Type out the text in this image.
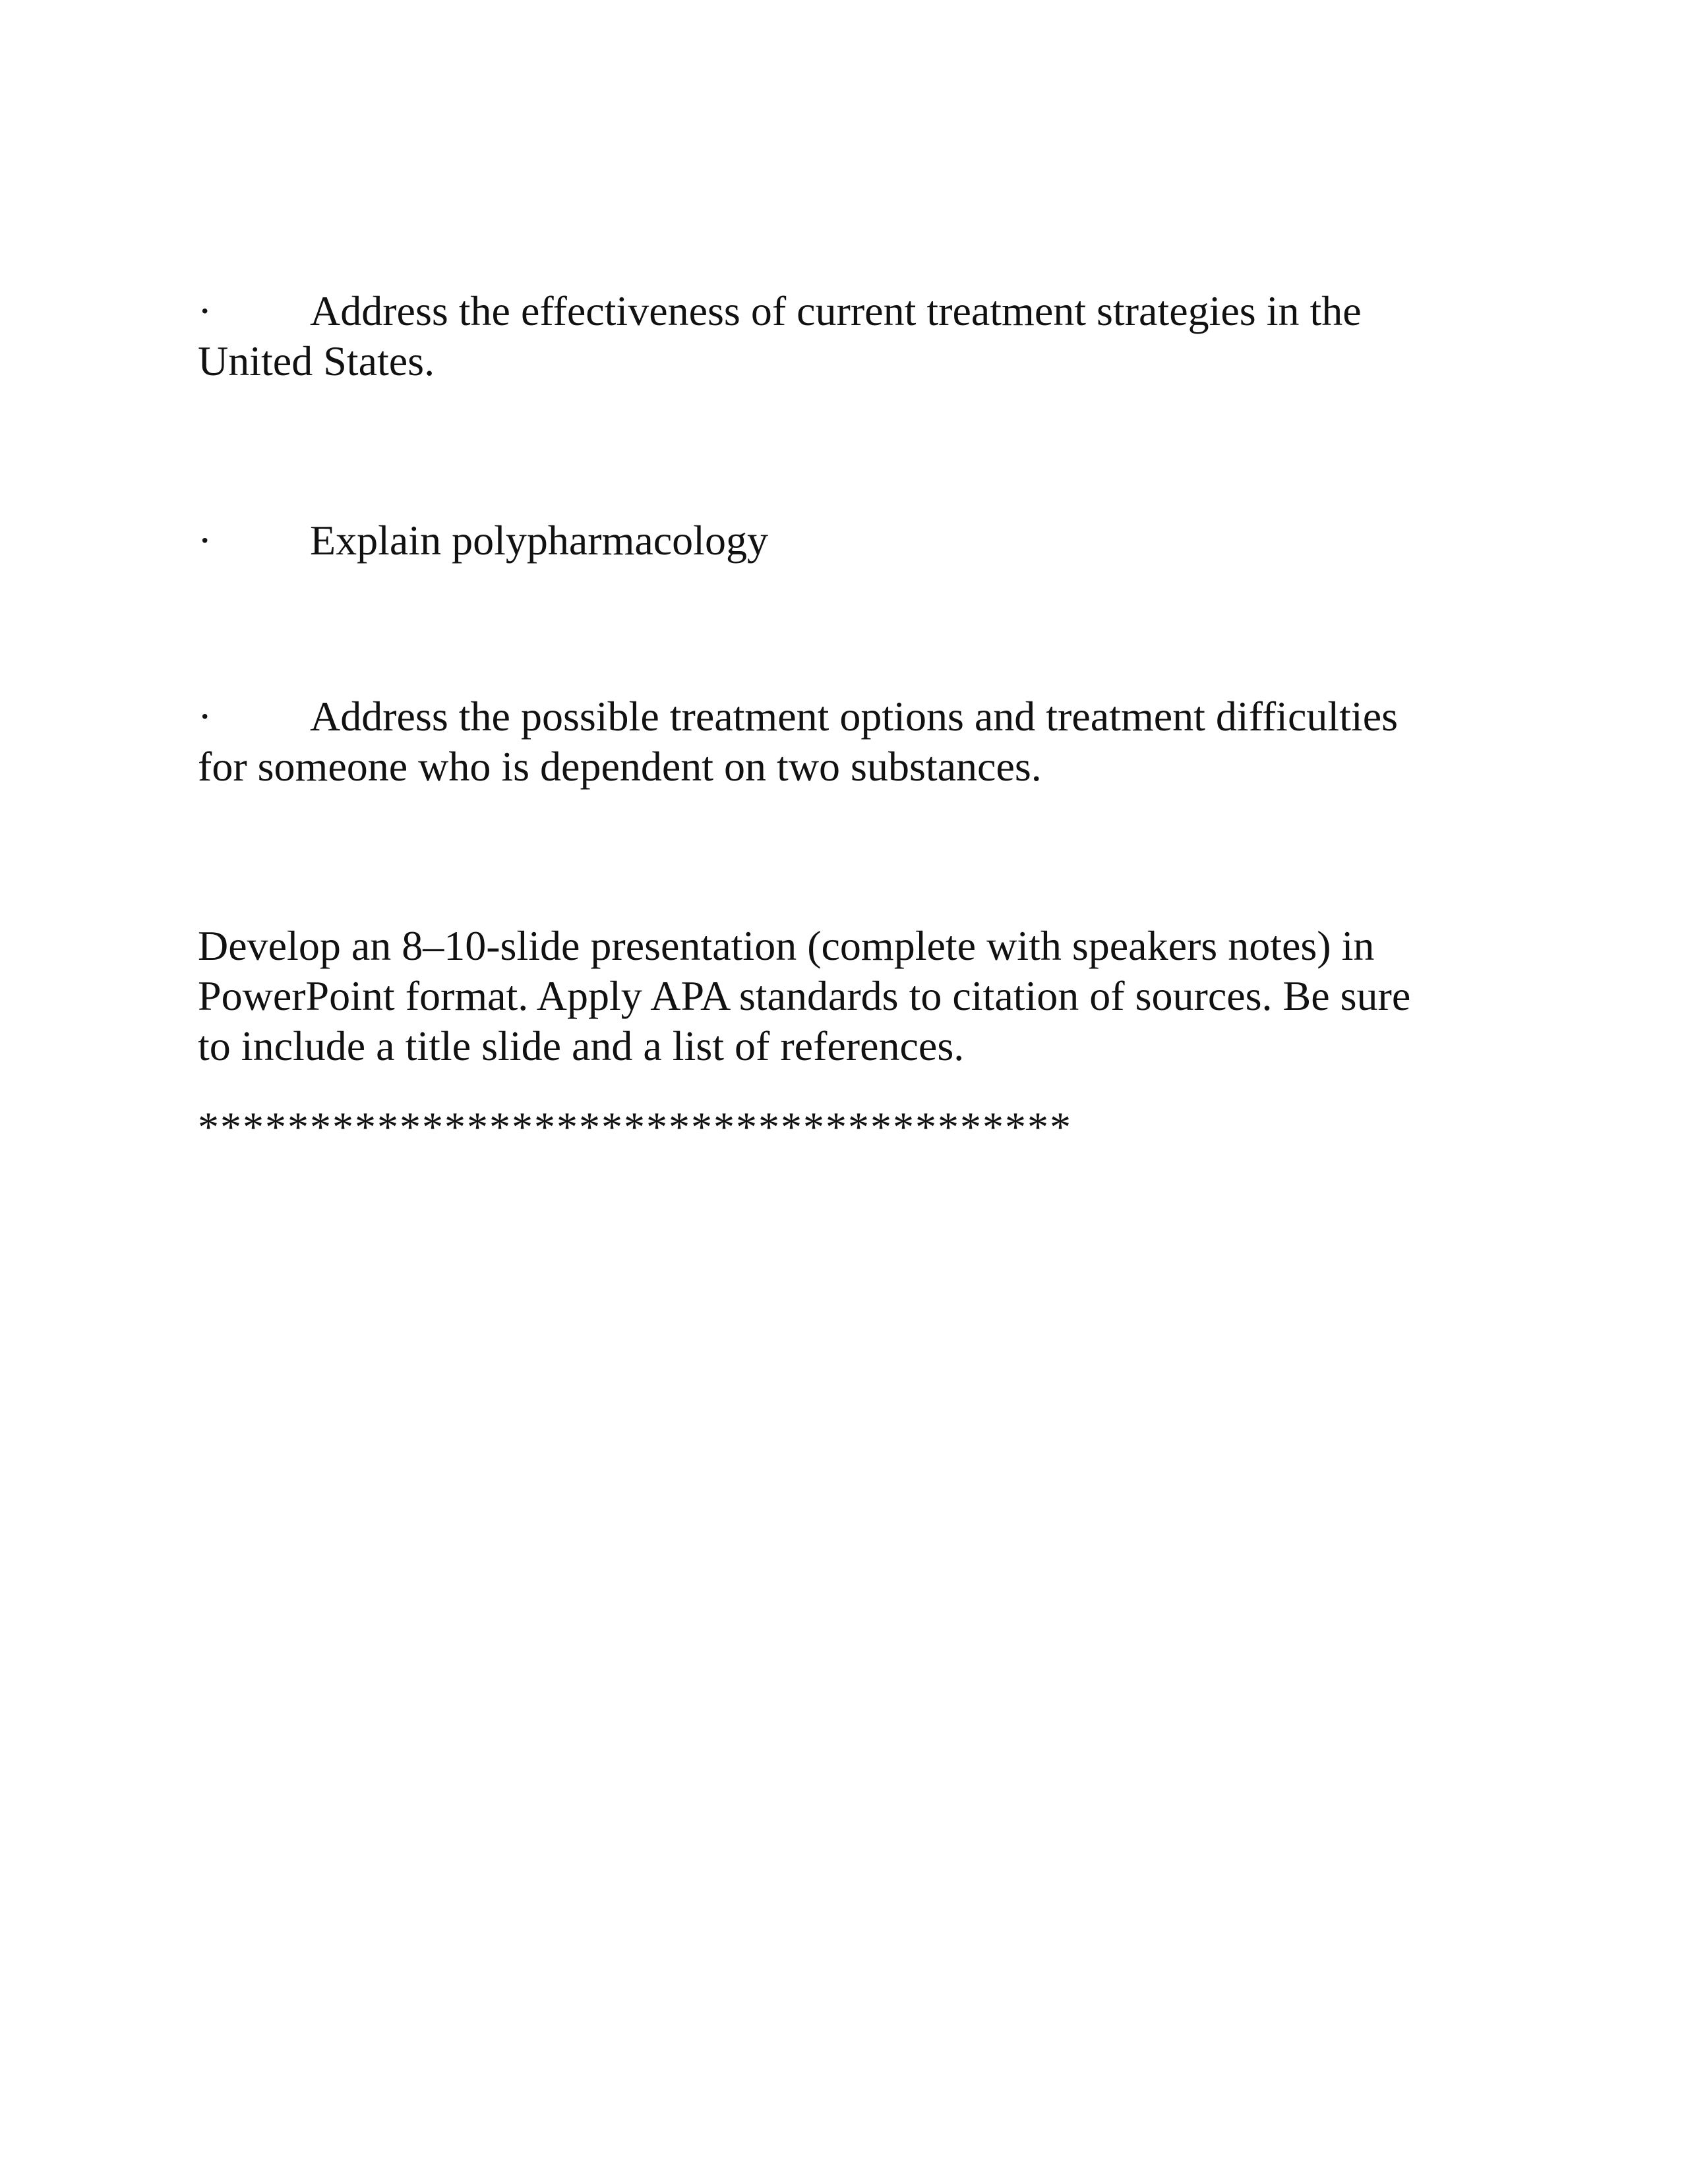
· Address the effectiveness of current treatment strategies in the
United States.
· Explain polypharmacology
· Address the possible treatment options and treatment difficulties
for someone who is dependent on two substances.
Develop an 8–10-slide presentation (complete with speakers notes) in
PowerPoint format. Apply APA standards to citation of sources. Be sure
to include a title slide and a list of references.
***************************************
